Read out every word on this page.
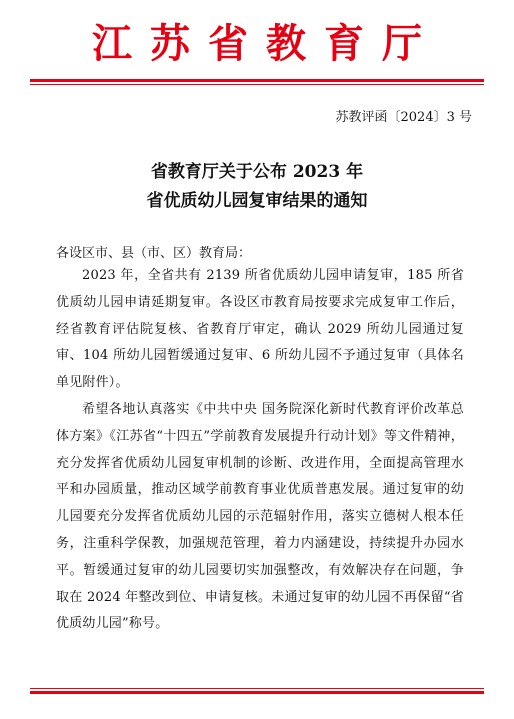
江苏省教育厅
苏教评函〔2024〕3 号
省教育厅关于公布 2023 年
省优质幼儿园复审结果的通知
各设区市、县（市、区）教育局：
2023 年，全省共有 2139 所省优质幼儿园申请复审，185 所省优质幼儿园申请延期复审。各设区市教育局按要求完成复审工作后，经省教育评估院复核、省教育厅审定，确认 2029 所幼儿园通过复审、104 所幼儿园暂缓通过复审、6 所幼儿园不予通过复审（具体名单见附件）。
希望各地认真落实《中共中央 国务院深化新时代教育评价改革总体方案》《江苏省“十四五”学前教育发展提升行动计划》等文件精神，充分发挥省优质幼儿园复审机制的诊断、改进作用，全面提高管理水平和办园质量，推动区域学前教育事业优质普惠发展。通过复审的幼儿园要充分发挥省优质幼儿园的示范辐射作用，落实立德树人根本任务，注重科学保教，加强规范管理，着力内涵建设，持续提升办园水平。暂缓通过复审的幼儿园要切实加强整改，有效解决存在问题，争取在 2024 年整改到位、申请复核。未通过复审的幼儿园不再保留“省优质幼儿园”称号。
